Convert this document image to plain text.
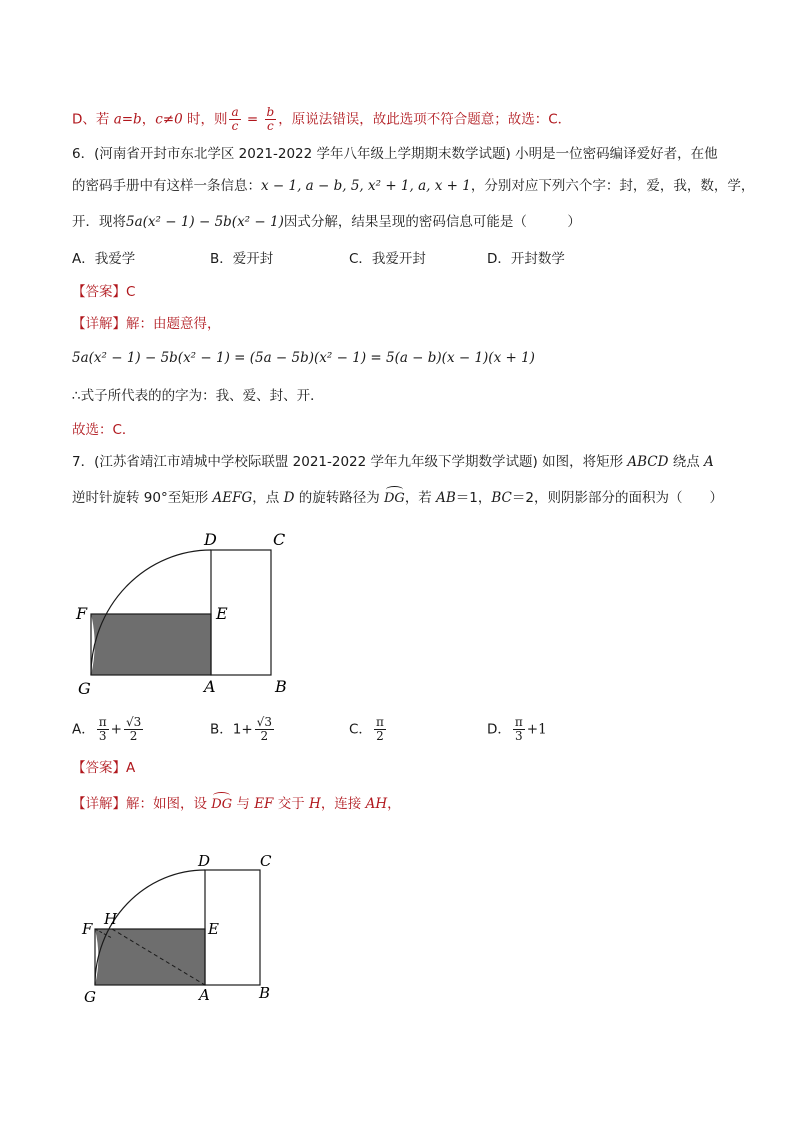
D、若 a=b，c≠0 时，则 $\frac{a}{c} = \frac{b}{c}$ ，原说法错误，故此选项不符合题意；故选：C．
6．(河南省开封市东北学区 2021-2022 学年八年级上学期期末数学试题) 小明是一位密码编译爱好者，在他
的密码手册中有这样一条信息：x − 1, a − b, 5, x² + 1, a, x + 1，分别对应下列六个字：封，爱，我，数，学，
开．现将5a(x² − 1) − 5b(x² − 1)因式分解，结果呈现的密码信息可能是（　　　）
A．我爱学	B．爱开封	C．我爱开封	D．开封数学
【答案】C
【详解】解：由题意得，
5a(x² − 1) − 5b(x² − 1) = (5a − 5b)(x² − 1) = 5(a − b)(x − 1)(x + 1)
∴式子所代表的的字为：我、爱、封、开．
故选：C．
7．(江苏省靖江市靖城中学校际联盟 2021-2022 学年九年级下学期数学试题) 如图，将矩形 ABCD 绕点 A
逆时针旋转 90°至矩形 AEFG，点 D 的旋转路径为 DG，若 AB＝1，BC＝2，则阴影部分的面积为（　　）
D	C
F	E
G	A	B
A． $\frac{\pi}{3} + \frac{√3}{2}$	B．$1+ \frac{√3}{2}$	C． $\frac{\pi}{2}$	D． $\frac{\pi}{3} +1$
【答案】A
【详解】解：如图，设 DG 与 EF 交于 H，连接 AH，
D	C
F
H
E
G	A	B
